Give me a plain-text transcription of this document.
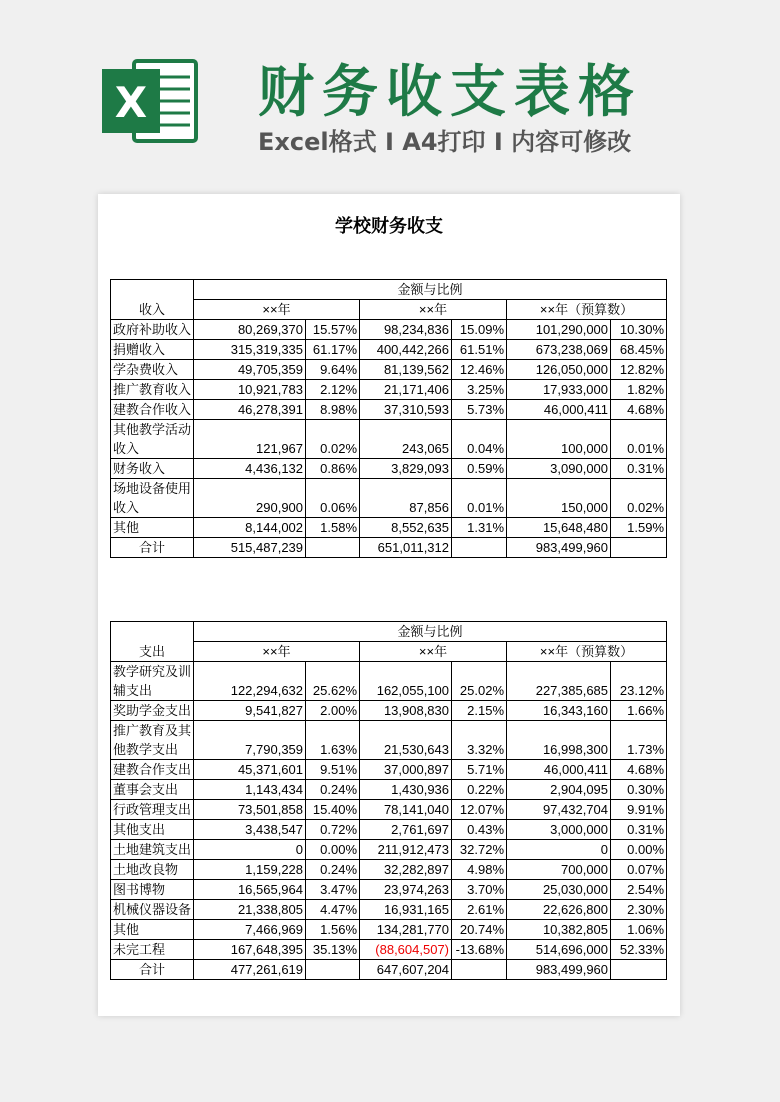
X 财务收支表格
Excel格式 I A4打印 I 内容可修改
学校财务收支
收入	金额与比例					
	××年		××年		××年（预算数）	
政府补助收入	80,269,370	15.57%	98,234,836	15.09%	101,290,000	10.30%
捐赠收入	315,319,335	61.17%	400,442,266	61.51%	673,238,069	68.45%
学杂费收入	49,705,359	9.64%	81,139,562	12.46%	126,050,000	12.82%
推广教育收入	10,921,783	2.12%	21,171,406	3.25%	17,933,000	1.82%
建教合作收入	46,278,391	8.98%	37,310,593	5.73%	46,000,411	4.68%

其他教学活动
收入	121,967	0.02%	243,065	0.04%	100,000	0.01%
财务收入	4,436,132	0.86%	3,829,093	0.59%	3,090,000	0.31%

场地设备使用
收入	290,900	0.06%	87,856	0.01%	150,000	0.02%
其他	8,144,002	1.58%	8,552,635	1.31%	15,648,480	1.59%
合计	515,487,239		651,011,312		983,499,960	
支出	金额与比例					
	××年		××年		××年（预算数）	

教学研究及训
辅支出	122,294,632	25.62%	162,055,100	25.02%	227,385,685	23.12%
奖助学金支出	9,541,827	2.00%	13,908,830	2.15%	16,343,160	1.66%

推广教育及其
他教学支出	7,790,359	1.63%	21,530,643	3.32%	16,998,300	1.73%
建教合作支出	45,371,601	9.51%	37,000,897	5.71%	46,000,411	4.68%
董事会支出	1,143,434	0.24%	1,430,936	0.22%	2,904,095	0.30%
行政管理支出	73,501,858	15.40%	78,141,040	12.07%	97,432,704	9.91%
其他支出	3,438,547	0.72%	2,761,697	0.43%	3,000,000	0.31%
土地建筑支出	0	0.00%	211,912,473	32.72%	0	0.00%
土地改良物	1,159,228	0.24%	32,282,897	4.98%	700,000	0.07%
图书博物	16,565,964	3.47%	23,974,263	3.70%	25,030,000	2.54%
机械仪器设备	21,338,805	4.47%	16,931,165	2.61%	22,626,800	2.30%
其他	7,466,969	1.56%	134,281,770	20.74%	10,382,805	1.06%
未完工程	167,648,395	35.13%	(88,604,507)	-13.68%	514,696,000	52.33%
合计	477,261,619		647,607,204		983,499,960	
